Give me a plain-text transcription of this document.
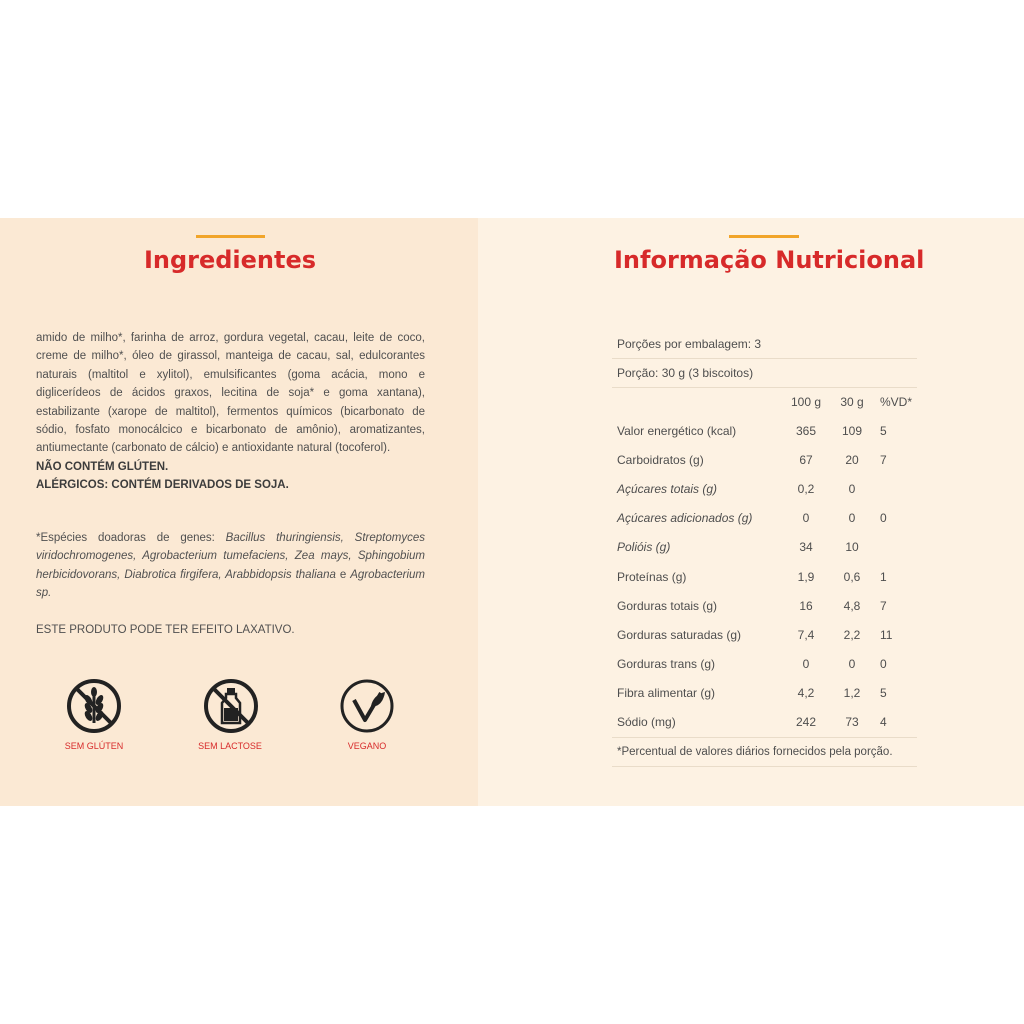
Ingredientes

amido de milho*, farinha de arroz, gordura vegetal, cacau, leite de coco, creme de milho*, óleo de girassol, manteiga de cacau, sal, edulcorantes naturais (maltitol e xylitol), emulsificantes (goma acácia, mono e diglicerídeos de ácidos graxos, lecitina de soja* e goma xantana), estabilizante (xarope de maltitol), fermentos químicos (bicarbonato de sódio, fosfato monocálcico e bicarbonato de amônio), aromatizantes, antiumectante (carbonato de cálcio) e antioxidante natural (tocoferol).

NÃO CONTÉM GLÚTEN.

ALÉRGICOS: CONTÉM DERIVADOS DE SOJA.

*Espécies doadoras de genes: Bacillus thuringiensis, Streptomyces viridochromogenes, Agrobacterium tumefaciens, Zea mays, Sphingobium herbicidovorans, Diabrotica firgifera, Arabbidopsis thaliana e Agrobacterium sp.

ESTE PRODUTO PODE TER EFEITO LAXATIVO.
SEM GLÚTEN	SEM LACTOSE	VEGANO
Informação Nutricional
Porções por embalagem: 3
Porção: 30 g (3 biscoitos)
100 g	30 g	%VD*
Valor energético (kcal)	365	109	5
Carboidratos (g)	67	20	7
Açúcares totais (g)	0,2	0
Açúcares adicionados (g)	0	0	0
Polióis (g)	34	10
Proteínas (g)	1,9	0,6	1
Gorduras totais (g)	16	4,8	7
Gorduras saturadas (g)	7,4	2,2	11
Gorduras trans (g)	0	0	0
Fibra alimentar (g)	4,2	1,2	5
Sódio (mg)	242	73	4
*Percentual de valores diários fornecidos pela porção.
